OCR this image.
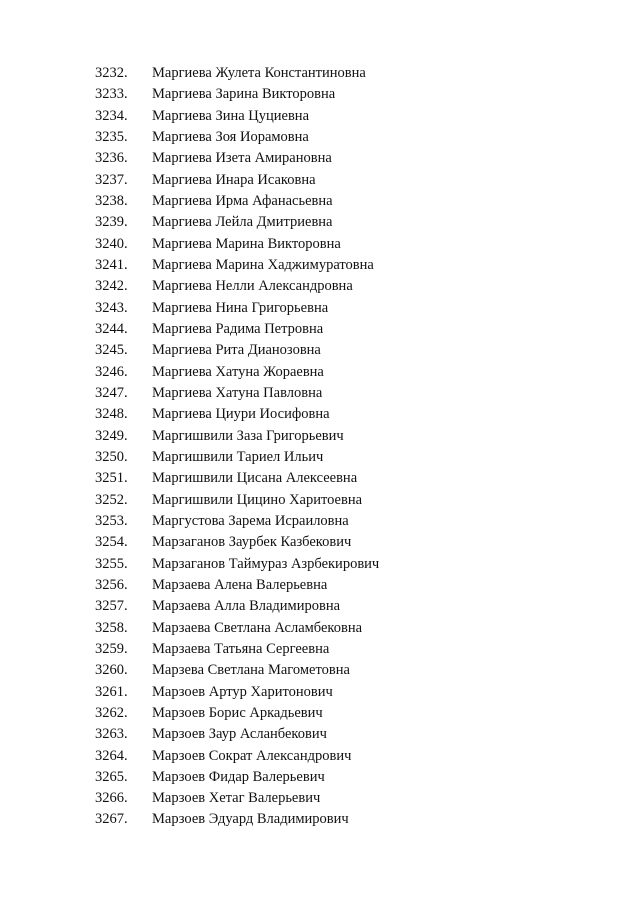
3232. Маргиева Жулета Константиновна
3233. Маргиева Зарина Викторовна
3234. Маргиева Зина Цуциевна
3235. Маргиева Зоя Иорамовна
3236. Маргиева Изета Амирановна
3237. Маргиева Инара Исаковна
3238. Маргиева Ирма Афанасьевна
3239. Маргиева Лейла Дмитриевна
3240. Маргиева Марина Викторовна
3241. Маргиева Марина Хаджимуратовна
3242. Маргиева Нелли Александровна
3243. Маргиева Нина Григорьевна
3244. Маргиева Радима Петровна
3245. Маргиева Рита Дианозовна
3246. Маргиева Хатуна Жораевна
3247. Маргиева Хатуна Павловна
3248. Маргиева Циури Иосифовна
3249. Маргишвили Заза Григорьевич
3250. Маргишвили Тариел Ильич
3251. Маргишвили Цисана Алексеевна
3252. Маргишвили Цицино Харитоевна
3253. Маргустова Зарема Исраиловна
3254. Марзаганов Заурбек Казбекович
3255. Марзаганов Таймураз Азрбекирович
3256. Марзаева Алена Валерьевна
3257. Марзаева Алла Владимировна
3258. Марзаева Светлана Асламбековна
3259. Марзаева Татьяна Сергеевна
3260. Марзева Светлана Магометовна
3261. Марзоев Артур Харитонович
3262. Марзоев Борис Аркадьевич
3263. Марзоев Заур Асланбекович
3264. Марзоев Сократ Александрович
3265. Марзоев Фидар Валерьевич
3266. Марзоев Хетаг Валерьевич
3267. Марзоев Эдуард Владимирович
